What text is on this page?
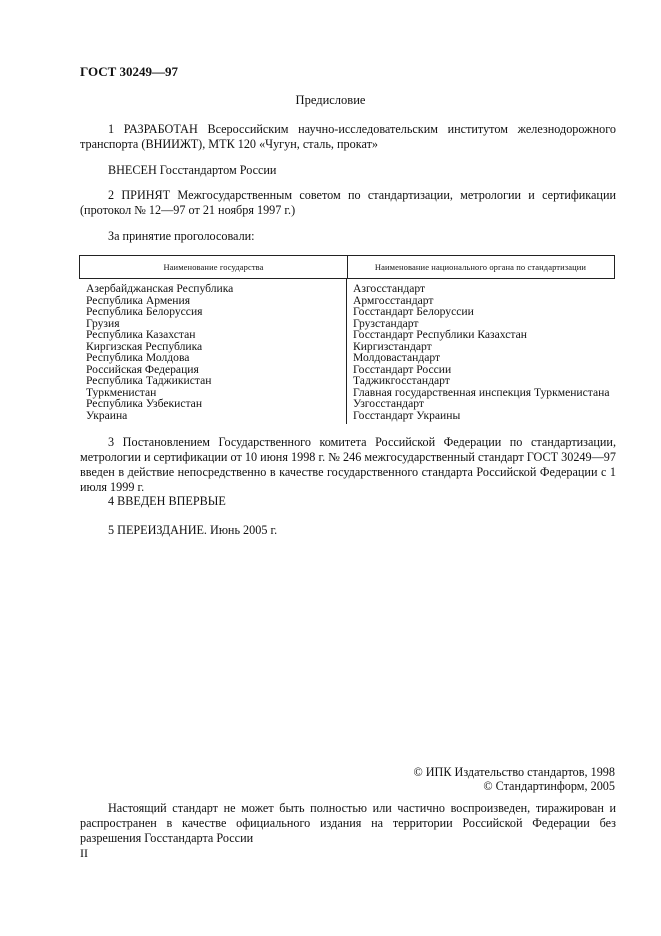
ГОСТ 30249—97
Предисловие
1 РАЗРАБОТАН Всероссийским научно-исследовательским институтом железнодорожного транспорта (ВНИИЖТ), МТК 120 «Чугун, сталь, прокат»
ВНЕСЕН Госстандартом России
2 ПРИНЯТ Межгосударственным советом по стандартизации, метрологии и сертификации (протокол № 12—97 от 21 ноября 1997 г.)
За принятие проголосовали:
Наименование государства	Наименование национального органа по стандартизации
Азербайджанская Республика
Республика Армения
Республика Белоруссия
Грузия
Республика Казахстан
Киргизская Республика
Республика Молдова
Российская Федерация
Республика Таджикистан
Туркменистан
Республика Узбекистан
Украина
Азгосстандарт
Армгосстандарт
Госстандарт Белоруссии
Грузстандарт
Госстандарт Республики Казахстан
Киргизстандарт
Молдовастандарт
Госстандарт России
Таджикгосстандарт
Главная государственная инспекция Туркменистана
Узгосстандарт
Госстандарт Украины
3 Постановлением Государственного комитета Российской Федерации по стандартизации, метрологии и сертификации от 10 июня 1998 г. № 246 межгосударственный стандарт ГОСТ 30249—97 введен в действие непосредственно в качестве государственного стандарта Российской Федерации с 1 июля 1999 г.
4 ВВЕДЕН ВПЕРВЫЕ
5 ПЕРЕИЗДАНИЕ. Июнь 2005 г.
© ИПК Издательство стандартов, 1998
© Стандартинформ, 2005
Настоящий стандарт не может быть полностью или частично воспроизведен, тиражирован и распространен в качестве официального издания на территории Российской Федерации без разрешения Госстандарта России
II
